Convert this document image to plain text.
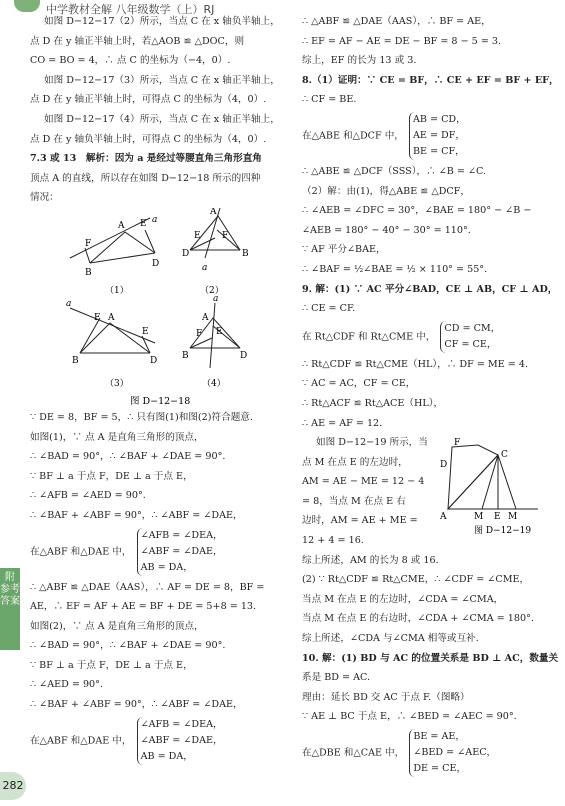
中学教材全解 八年级数学（上）RJ
如图 D−12−17（2）所示，当点 C 在 x 轴负半轴上，
点 D 在 y 轴正半轴上时，若△AOB ≌ △DOC，则
CO = BO = 4，∴ 点 C 的坐标为（−4，0）.
如图 D−12−17（3）所示，当点 C 在 x 轴正半轴上，
点 D 在 y 轴正半轴上时，可得点 C 的坐标为（4，0）.
如图 D−12−17（4）所示，当点 C 在 x 轴正半轴上，
点 D 在 y 轴负半轴上时，可得点 C 的坐标为（4，0）.
7.3 或 13　解析：因为 a 是经过等腰直角三角形直角
顶点 A 的直线，所以存在如图 D−12−18 所示的四种
情况：
F
A E a
B
D
（1）
A
E F
D	B
a
（2）
a
A
F
E
B	D
（3）
a
A
F E
B	D
（4）
图 D−12−18
∵ DE = 8，BF = 5，∴ 只有图(1)和图(2)符合题意.
如图(1)，∵ 点 A 是直角三角形的顶点，
∴ ∠BAD = 90°，∴ ∠BAF + ∠DAE = 90°.
∵ BF ⊥ a 于点 F，DE ⊥ a 于点 E，
∴ ∠AFB = ∠AED = 90°.
∴ ∠BAF + ∠ABF = 90°，∴ ∠ABF = ∠DAE，
在△ABF 和△DAE 中， ∠AFB = ∠DEA，
∠ABF = ∠DAE，
AB = DA，
∴ △ABF ≌ △DAE（AAS），∴ AF = DE = 8，BF =
AE，∴ EF = AF + AE = BF + DE = 5+8 = 13.
如图(2)，∵ 点 A 是直角三角形的顶点，
∴ ∠BAD = 90°，∴ ∠BAF + ∠DAE = 90°.
∵ BF ⊥ a 于点 F，DE ⊥ a 于点 E，
∴ ∠AED = 90°.
∴ ∠BAF + ∠ABF = 90°，∴ ∠ABF = ∠DAE，
在△ABF 和△DAE 中， ∠AFB = ∠DEA，
∠ABF = ∠DAE，
AB = DA，
∴ △ABF ≌ △DAE（AAS），∴ BF = AE，
∴ EF = AF − AE = DE − BF = 8 − 5 = 3.
综上，EF 的长为 13 或 3.
8.（1）证明：∵ CE = BF，∴ CE + EF = BF + EF，
∴ CF = BE.
在△ABE 和△DCF 中， AB = CD，
AE = DF，
BE = CF，
∴ △ABE ≌ △DCF（SSS），∴ ∠B = ∠C.
（2）解：由(1)，得△ABE ≌ △DCF，
∴ ∠AEB = ∠DFC = 30°，∠BAE = 180° − ∠B −
∠AEB = 180° − 40° − 30° = 110°.
∵ AF 平分∠BAE，
∴ ∠BAF = ½∠BAE = ½ × 110° = 55°.
9. 解：(1) ∵ AC 平分∠BAD，CE ⊥ AB，CF ⊥ AD，
∴ CE = CF.
在 Rt△CDF 和 Rt△CME 中， CD = CM，
CF = CE，
∴ Rt△CDF ≌ Rt△CME（HL），∴ DF = ME = 4.
∵ AC = AC，CF = CE，
∴ Rt△ACF ≌ Rt△ACE（HL），
∴ AE = AF = 12.
如图 D−12−19 所示，当
点 M 在点 E 的左边时，
AM = AE − ME = 12 − 4
= 8，当点 M 在点 E 右
边时，AM = AE + ME =
12 + 4 = 16.
F
D
C
A	M E M
图 D−12−19
综上所述，AM 的长为 8 或 16.
(2) ∵ Rt△CDF ≌ Rt△CME，∴ ∠CDF = ∠CME，
当点 M 在点 E 的左边时，∠CDA = ∠CMA，
当点 M 在点 E 的右边时，∠CDA + ∠CMA = 180°.
综上所述，∠CDA 与∠CMA 相等或互补.
10. 解：(1) BD 与 AC 的位置关系是 BD ⊥ AC，数量关
系是 BD = AC.
理由：延长 BD 交 AC 于点 F.（图略）
∵ AE ⊥ BC 于点 E，∴ ∠BED = ∠AEC = 90°.
在△DBE 和△CAE 中， BE = AE，
∠BED = ∠AEC，
DE = CE，
附 参考答案
282
